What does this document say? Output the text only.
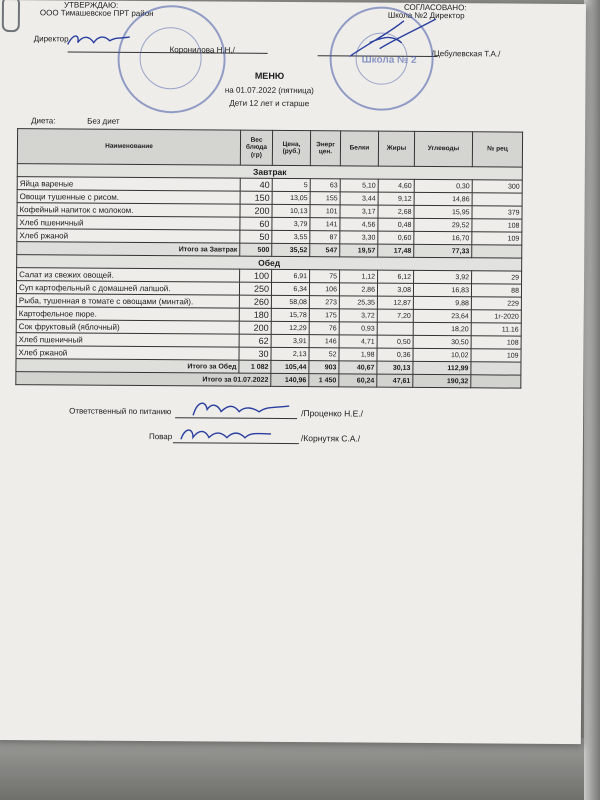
УТВЕРЖДАЮ:
ООО Тимашевское ПРТ район
Директор
Коронилова Н.Н./
СОГЛАСОВАНО:
Школа №2 Директор
/Цебулевская Т.А./
Школа № 2
МЕНЮ
на 01.07.2022 (пятница)
Дети 12 лет и старше
Диета:	Без диет
Наименование	Вес блюда (гр)	Цена, (руб.)	Энерг цен.	Белки	Жиры	Углеводы	№ рец
Завтрак							
Яйца вареные	40	5	63	5,10	4,60	0,30	300
Овощи тушенные с рисом.	150	13,05	155	3,44	9,12	14,86	
Кофейный напиток с молоком.	200	10,13	101	3,17	2,68	15,95	379
Хлеб пшеничный	60	3,79	141	4,56	0,48	29,52	108
Хлеб ржаной	50	3,55	87	3,30	0,60	16,70	109
Итого за Завтрак	500	35,52	547	19,57	17,48	77,33	
Обед							
Салат из свежих овощей.	100	6,91	75	1,12	6,12	3,92	29
Суп картофельный с домашней лапшой.	250	6,34	106	2,86	3,08	16,83	88
Рыба, тушенная в томате с овощами (минтай).	260	58,08	273	25,35	12,87	9,88	229
Картофельное пюре.	180	15,78	175	3,72	7,20	23,64	1г-2020
Сок фруктовый (яблочный)	200	12,29	76	0,93		18,20	11.16
Хлеб пшеничный	62	3,91	146	4,71	0,50	30,50	108
Хлеб ржаной	30	2,13	52	1,98	0,36	10,02	109
Итого за Обед	1 082	105,44	903	40,67	30,13	112,99	
Итого за 01.07.2022		140,96	1 450	60,24	47,61	190,32	
Ответственный по питанию	/Проценко Н.Е./
Повар	/Корнутяк С.А./
